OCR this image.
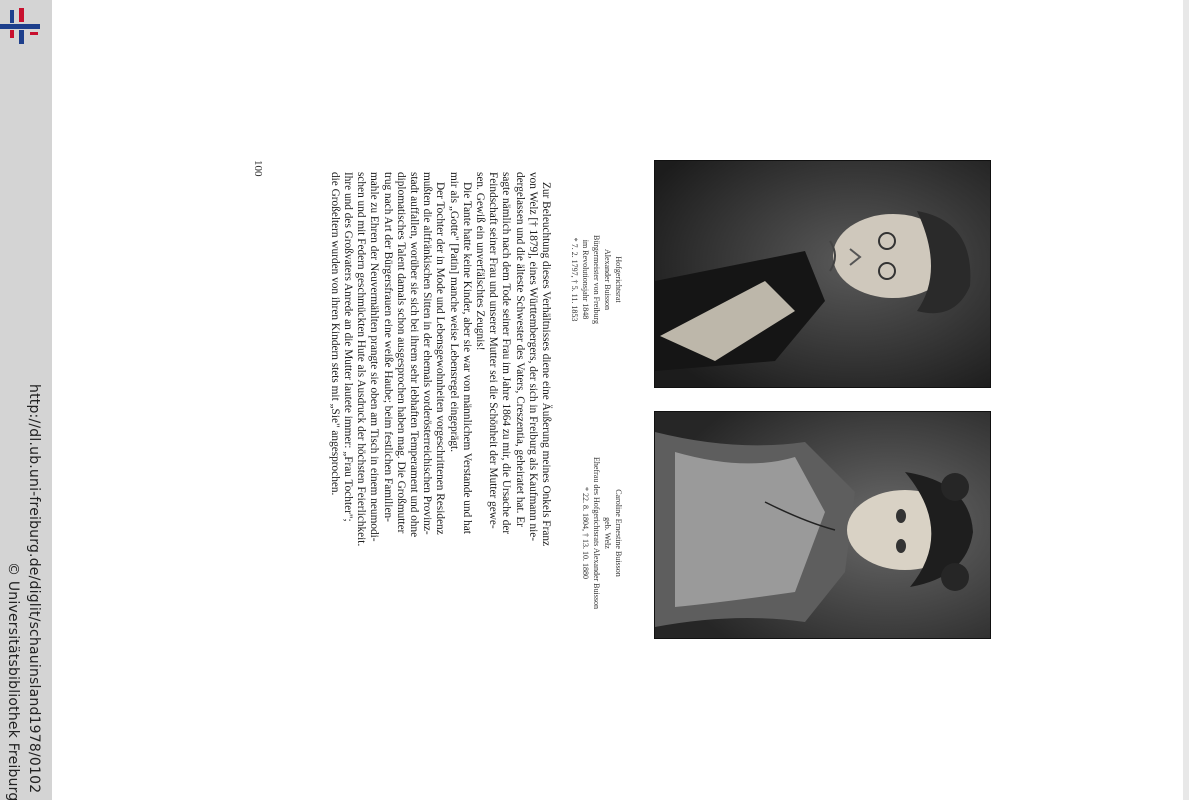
http://dl.ub.uni-freiburg.de/diglit/schauinsland1978/0102
© Universitätsbibliothek Freiburg
Hofgerichtsrat
Alexander Buisson
Bürgermeister von Freiburg
im Revolutionsjahr 1848
* 7. 2. 1797, † 5. 11. 1853
Caroline Ernestine Buisson
geb. Welz
Ehefrau des Hofgerichtsrats Alexander Buisson
* 22. 8. 1804, † 13. 10. 1880
Zur Beleuchtung dieses Verhältnisses diene eine Äußerung meines Onkels Franz
von Welz [† 1879], eines Württembergers, der sich in Freiburg als Kaufmann nie-
dergelassen und die älteste Schwester des Vaters, Creszentia, geheiratet hat. Er
sagte nämlich nach dem Tode seiner Frau im Jahre 1864 zu mir, die Ursache der
Feindschaft seiner Frau und unserer Mutter sei die Schönheit der Mutter gewe-
sen. Gewiß ein unverfälschtes Zeugnis!
Die Tante hatte keine Kinder, aber sie war von männlichem Verstande und hat
mir als „Gotte" [Patin] manche weise Lebensregel eingeprägt.
Der Tochter der in Mode und Lebensgewohnheiten vorgeschrittenen Residenz
mußten die altfränkischen Sitten in der ehemals vorderösterreichischen Provinz-
stadt auffallen, worüber sie sich bei ihrem sehr lebhaften Temperament und ohne
diplomatisches Talent damals schon ausgesprochen haben mag. Die Großmutter
trug nach Art der Bürgersfrauen eine weiße Haube; beim festlichen Familien-
mahle zu Ehren der Neuvermählten prangte sie oben am Tisch in einem neumodi-
schen und mit Federn geschmückten Hute als Ausdruck der höchsten Feierlichkeit.
Ihre und des Großvaters Anrede an die Mutter lautete immer: „Frau Tochter";
die Großeltern wurden von ihren Kindern stets mit „Sie" angesprochen.
100
